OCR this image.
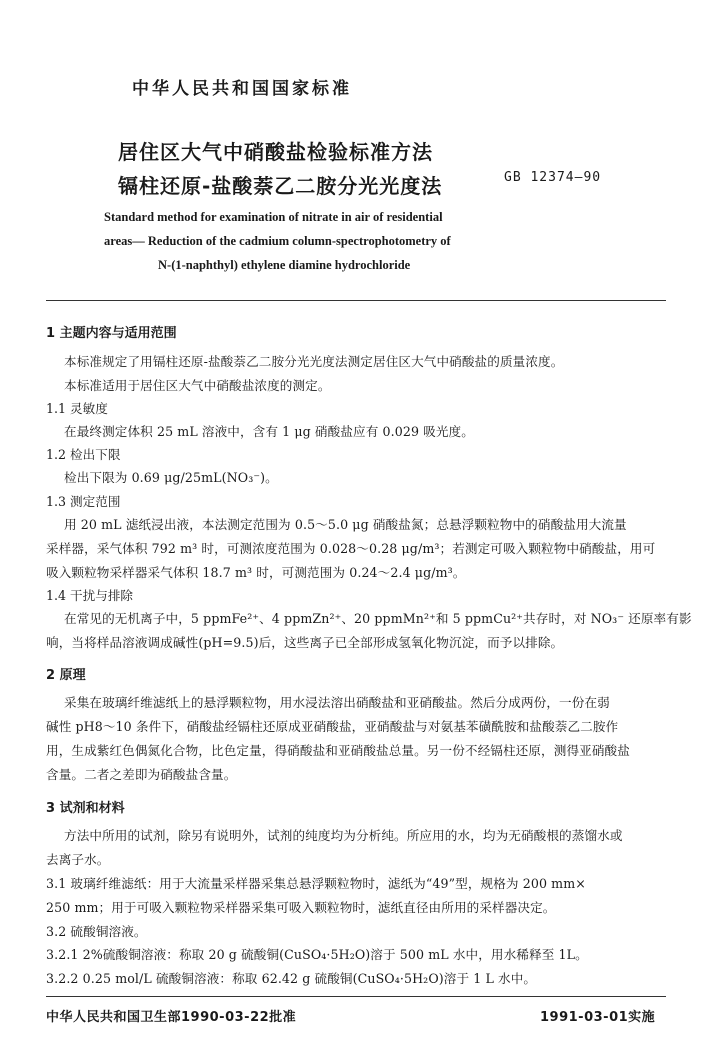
中华人民共和国国家标准
居住区大气中硝酸盐检验标准方法
镉柱还原-盐酸萘乙二胺分光光度法	GB 12374—90
Standard method for examination of nitrate in air of residential
areas— Reduction of the cadmium column-spectrophotometry of
N-(1-naphthyl) ethylene diamine hydrochloride
1 主题内容与适用范围
本标准规定了用镉柱还原-盐酸萘乙二胺分光光度法测定居住区大气中硝酸盐的质量浓度。
本标准适用于居住区大气中硝酸盐浓度的测定。
1.1 灵敏度
在最终测定体积 25 mL 溶液中，含有 1 μg 硝酸盐应有 0.029 吸光度。
1.2 检出下限
检出下限为 0.69 μg/25mL(NO₃⁻)。
1.3 测定范围
用 20 mL 滤纸浸出液，本法测定范围为 0.5～5.0 μg 硝酸盐氮；总悬浮颗粒物中的硝酸盐用大流量
采样器，采气体积 792 m³ 时，可测浓度范围为 0.028～0.28 μg/m³；若测定可吸入颗粒物中硝酸盐，用可
吸入颗粒物采样器采气体积 18.7 m³ 时，可测范围为 0.24～2.4 μg/m³。
1.4 干扰与排除
在常见的无机离子中，5 ppmFe²⁺、4 ppmZn²⁺、20 ppmMn²⁺和 5 ppmCu²⁺共存时，对 NO₃⁻ 还原率有影
响，当将样品溶液调成碱性(pH=9.5)后，这些离子已全部形成氢氧化物沉淀，而予以排除。
2 原理
采集在玻璃纤维滤纸上的悬浮颗粒物，用水浸法溶出硝酸盐和亚硝酸盐。然后分成两份，一份在弱
碱性 pH8～10 条件下，硝酸盐经镉柱还原成亚硝酸盐，亚硝酸盐与对氨基苯磺酰胺和盐酸萘乙二胺作
用，生成紫红色偶氮化合物，比色定量，得硝酸盐和亚硝酸盐总量。另一份不经镉柱还原，测得亚硝酸盐
含量。二者之差即为硝酸盐含量。
3 试剂和材料
方法中所用的试剂，除另有说明外，试剂的纯度均为分析纯。所应用的水，均为无硝酸根的蒸馏水或
去离子水。
3.1 玻璃纤维滤纸：用于大流量采样器采集总悬浮颗粒物时，滤纸为“49”型，规格为 200 mm×
250 mm；用于可吸入颗粒物采样器采集可吸入颗粒物时，滤纸直径由所用的采样器决定。
3.2 硫酸铜溶液。
3.2.1 2%硫酸铜溶液：称取 20 g 硫酸铜(CuSO₄·5H₂O)溶于 500 mL 水中，用水稀释至 1L。
3.2.2 0.25 mol/L 硫酸铜溶液：称取 62.42 g 硫酸铜(CuSO₄·5H₂O)溶于 1 L 水中。
中华人民共和国卫生部1990-03-22批准	1991-03-01实施
